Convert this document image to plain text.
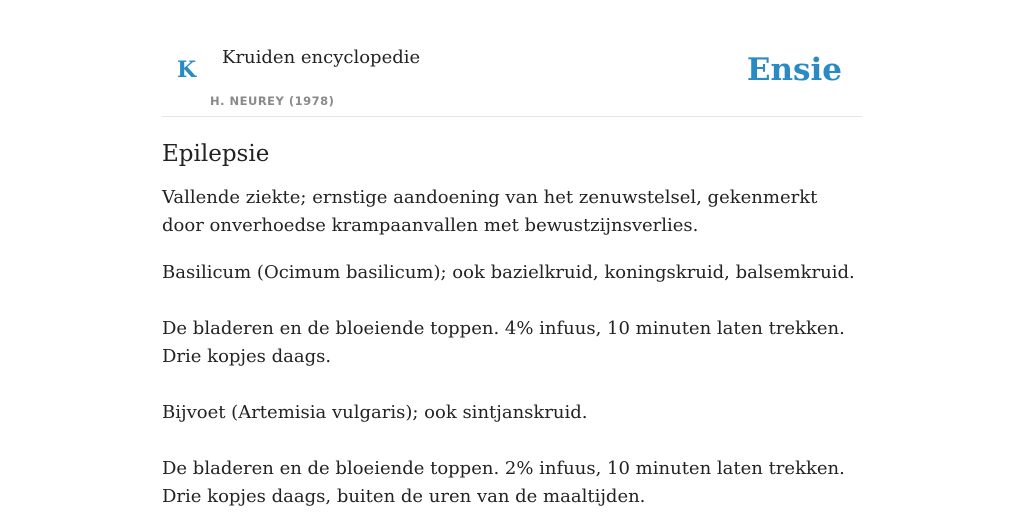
K Kruiden encyclopedie
H. NEUREY (1978)
Ensie
Epilepsie

Vallende ziekte; ernstige aandoening van het zenuwstelsel, gekenmerkt door onverhoedse krampaanvallen met bewustzijnsverlies.

Basilicum (Ocimum basilicum); ook bazielkruid, koningskruid, balsemkruid.

De bladeren en de bloeiende toppen. 4% infuus, 10 minuten laten trekken. Drie kopjes daags.

Bijvoet (Artemisia vulgaris); ook sintjanskruid.

De bladeren en de bloeiende toppen. 2% infuus, 10 minuten laten trekken. Drie kopjes daags, buiten de uren van de maaltijden.
